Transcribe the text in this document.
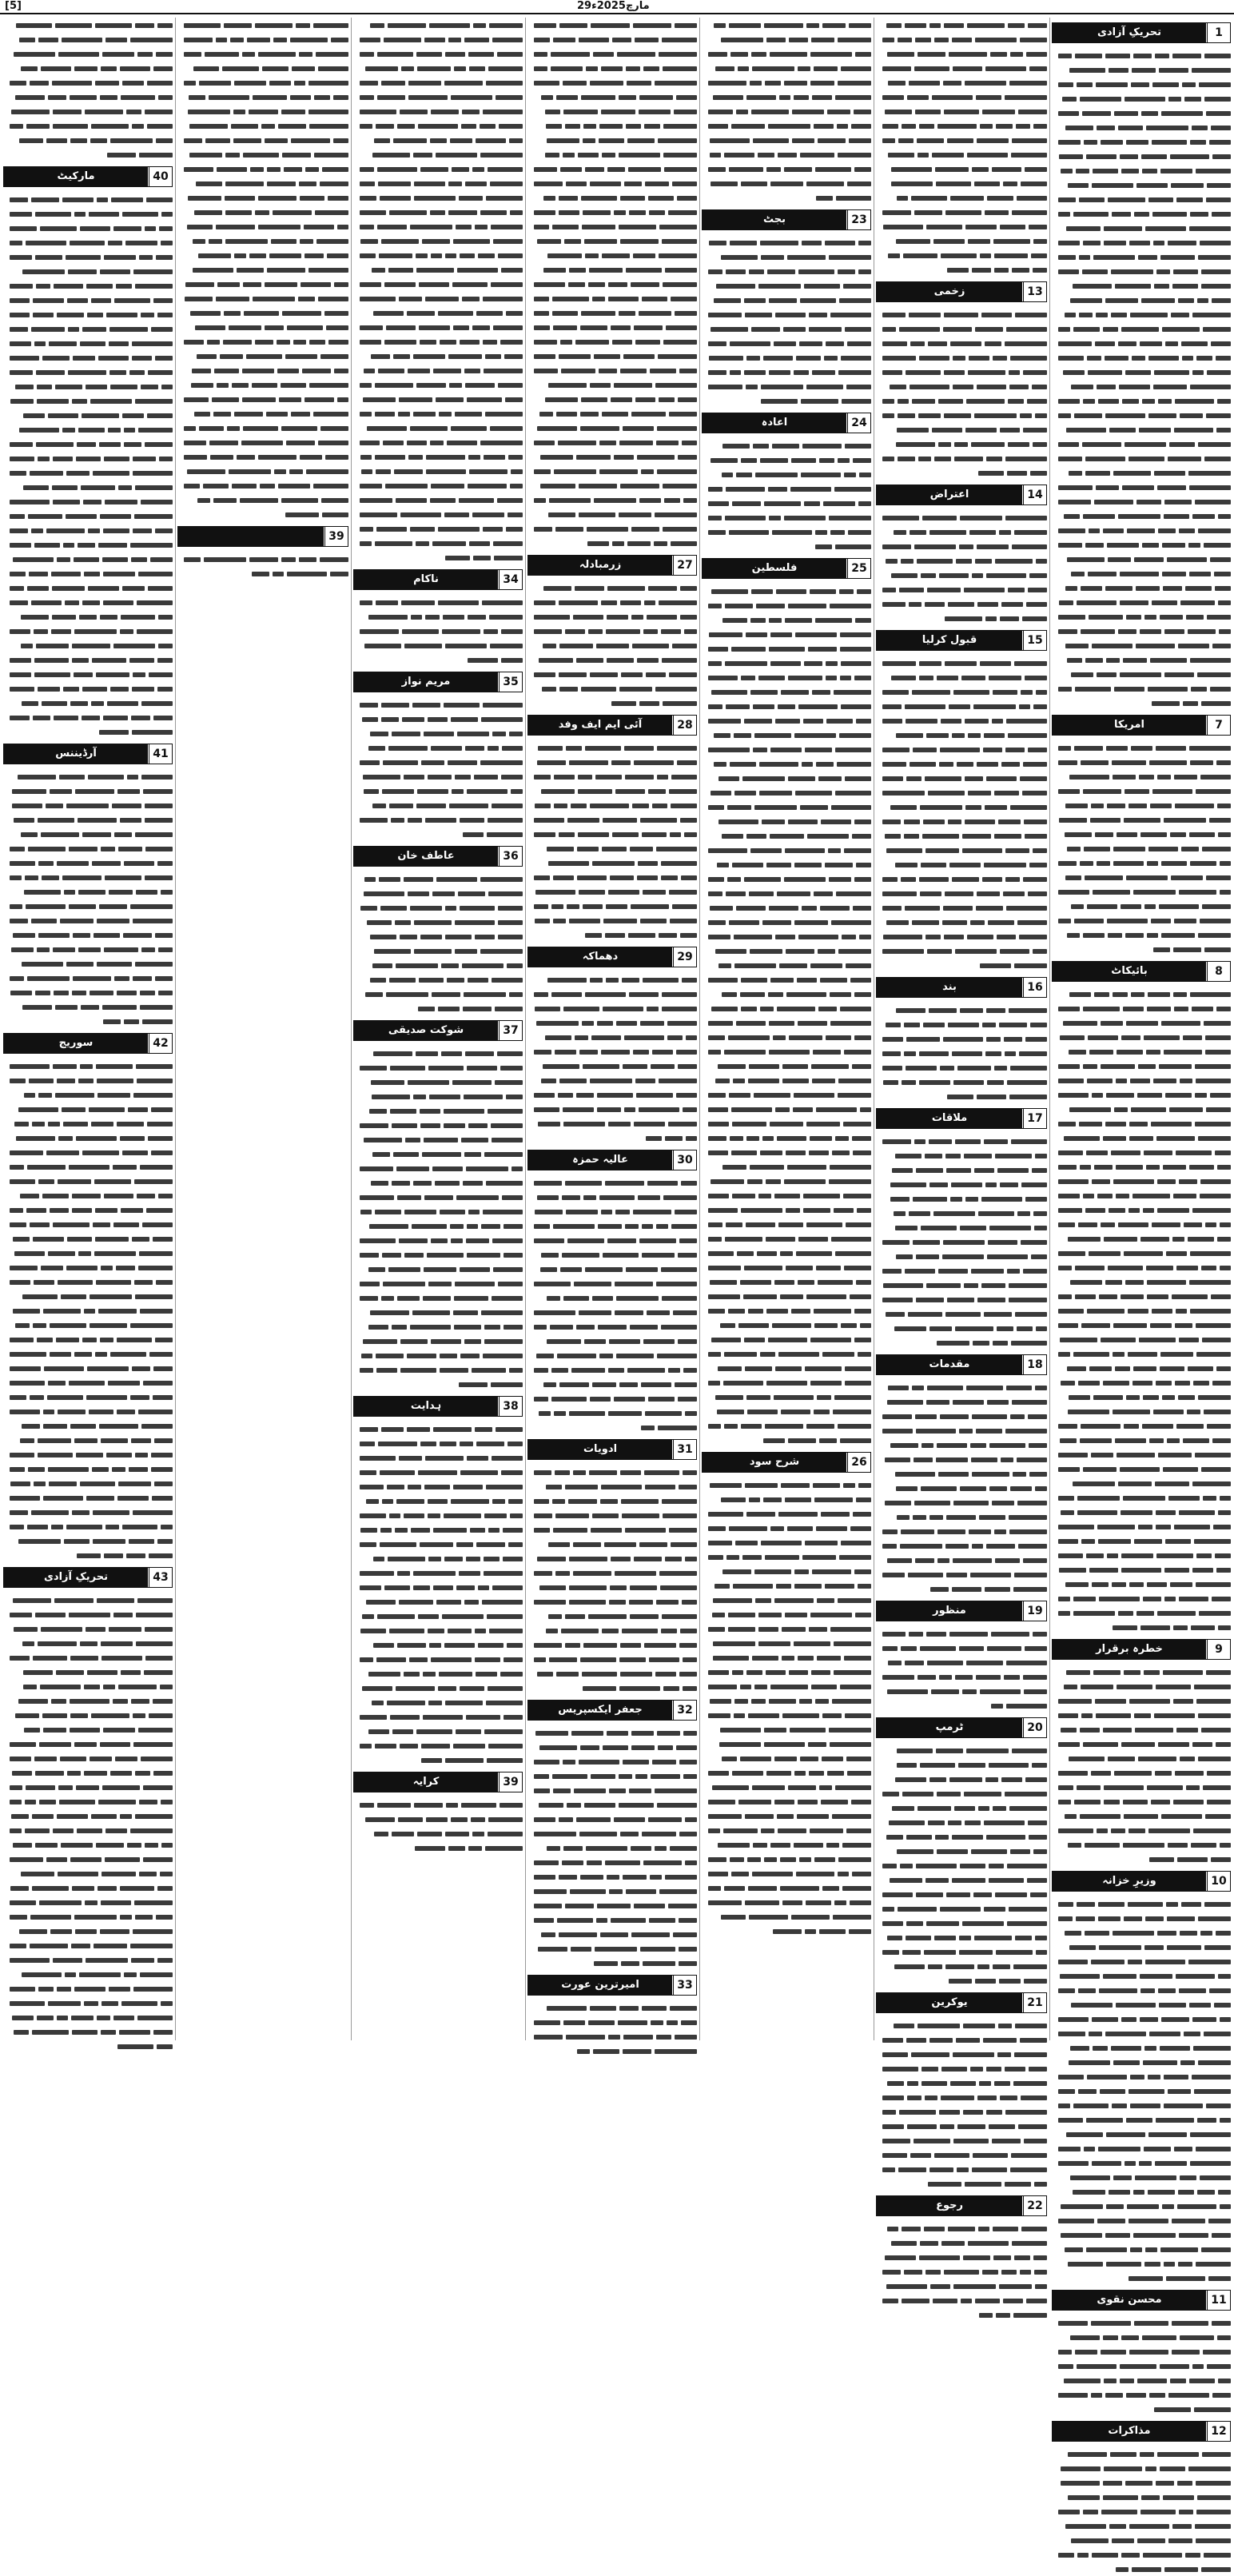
[5]	29مارچ2025ء
1
تحریکِ آزادی
7
امریکا
8
بائیکاٹ
9
خطرہ برقرار
10
وزیرِ خزانہ
11
محسن نقوی
12
مذاکرات
13
زخمی
14
اعتراض
15
قبول کرلیا
16
بند
17
ملاقات
18
مقدمات
19
منظور
20
ٹرمپ
21
یوکرین
22
رجوع
23
بجٹ
24
اعادہ
25
فلسطین
26
شرح سود
27
زرمبادلہ
28
آئی ایم ایف وفد
29
دھماکہ
30
عالیہ حمزہ
31
ادویات
32
جعفر ایکسپریس
33
امیرترین عورت
34
ناکام
35
مریم نواز
36
عاطف خان
37
شوکت صدیقی
38
ہدایت
39
کرایہ
39
40
مارکیٹ
41
آرڈیننس
42
سوریج
43
تحریکِ آزادی
